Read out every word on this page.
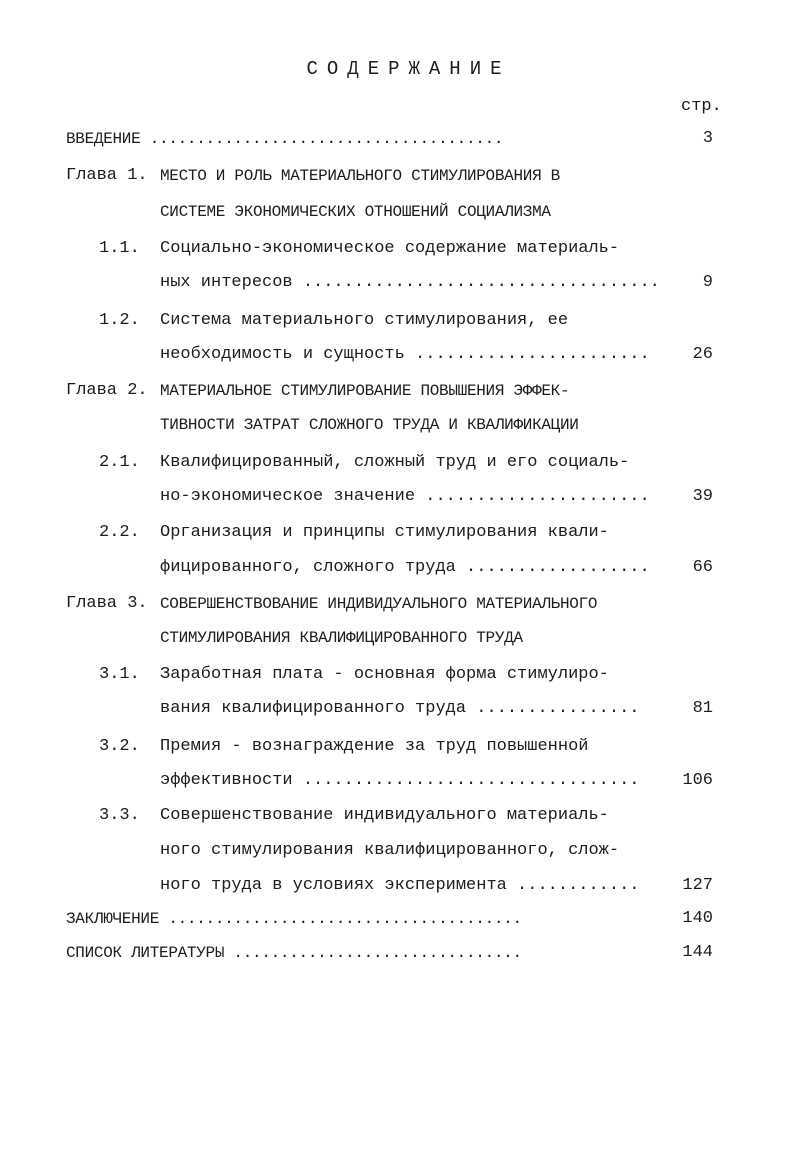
СОДЕРЖАНИЕ
стр.
ВВЕДЕНИЕ ......................................	3
Глава 1. МЕСТО И РОЛЬ МАТЕРИАЛЬНОГО СТИМУЛИРОВАНИЯ В
СИСТЕМЕ ЭКОНОМИЧЕСКИХ ОТНОШЕНИЙ СОЦИАЛИЗМА
1.1. Социально-экономическое содержание материаль-
ных интересов ...................................	9
1.2. Система материального стимулирования, ее
необходимость и сущность .......................	26
Глава 2. МАТЕРИАЛЬНОЕ СТИМУЛИРОВАНИЕ ПОВЫШЕНИЯ ЭФФЕК-
ТИВНОСТИ ЗАТРАТ СЛОЖНОГО ТРУДА И КВАЛИФИКАЦИИ
2.1. Квалифицированный, сложный труд и его социаль-
но-экономическое значение ......................	39
2.2. Организация и принципы стимулирования квали-
фицированного, сложного труда ..................	66
Глава 3. СОВЕРШЕНСТВОВАНИЕ ИНДИВИДУАЛЬНОГО МАТЕРИАЛЬНОГО
СТИМУЛИРОВАНИЯ КВАЛИФИЦИРОВАННОГО ТРУДА
3.1. Заработная плата - основная форма стимулиро-
вания квалифицированного труда ................	81
3.2. Премия - вознаграждение за труд повышенной
эффективности .................................	106
3.3. Совершенствование индивидуального материаль-
ного стимулирования квалифицированного, слож-
ного труда в условиях эксперимента ............	127
ЗАКЛЮЧЕНИЕ ......................................	140
СПИСОК ЛИТЕРАТУРЫ ...............................	144
